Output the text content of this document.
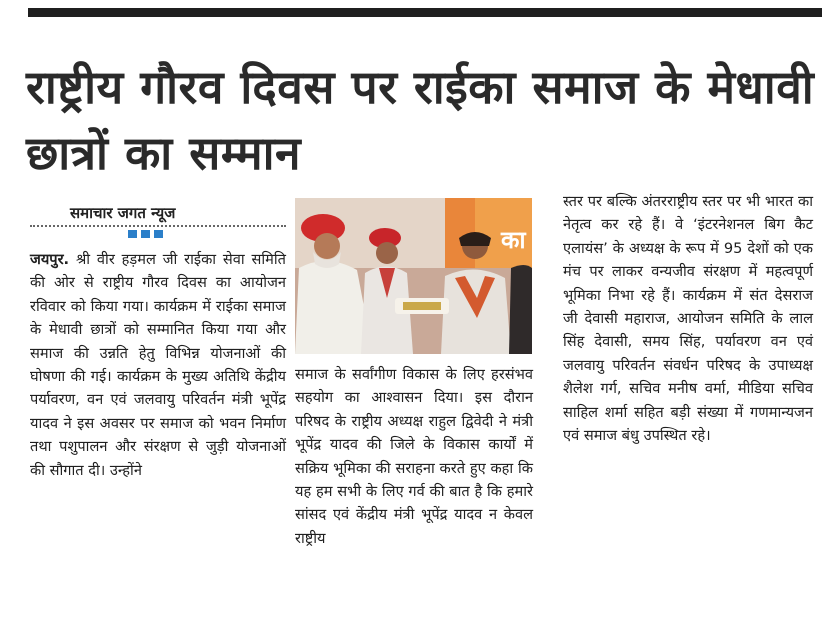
राष्ट्रीय गौरव दिवस पर राईका समाज के मेधावी छात्रों का सम्मान
समाचार जगत न्यूज

जयपुर. श्री वीर हड़मल जी राईका सेवा समिति की ओर से राष्ट्रीय गौरव दिवस का आयोजन रविवार को किया गया। कार्यक्रम में राईका समाज के मेधावी छात्रों को सम्मानित किया गया और समाज की उन्नति हेतु विभिन्न योजनाओं की घोषणा की गई। कार्यक्रम के मुख्य अतिथि केंद्रीय पर्यावरण, वन एवं जलवायु परिवर्तन मंत्री भूपेंद्र यादव ने इस अवसर पर समाज को भवन निर्माण तथा पशुपालन और संरक्षण से जुड़ी योजनाओं की सौगात दी। उन्होंने

का

समाज के सर्वांगीण विकास के लिए हरसंभव सहयोग का आश्वासन दिया। इस दौरान परिषद के राष्ट्रीय अध्यक्ष राहुल द्विवेदी ने मंत्री भूपेंद्र यादव की जिले के विकास कार्यों में सक्रिय भूमिका की सराहना करते हुए कहा कि यह हम सभी के लिए गर्व की बात है कि हमारे सांसद एवं केंद्रीय मंत्री भूपेंद्र यादव न केवल राष्ट्रीय

स्तर पर बल्कि अंतरराष्ट्रीय स्तर पर भी भारत का नेतृत्व कर रहे हैं। वे ‘इंटरनेशनल बिग कैट एलायंस’ के अध्यक्ष के रूप में 95 देशों को एक मंच पर लाकर वन्यजीव संरक्षण में महत्वपूर्ण भूमिका निभा रहे हैं। कार्यक्रम में संत देसराज जी देवासी महाराज, आयोजन समिति के लाल सिंह देवासी, समय सिंह, पर्यावरण वन एवं जलवायु परिवर्तन संवर्धन परिषद के उपाध्यक्ष शैलेश गर्ग, सचिव मनीष वर्मा, मीडिया सचिव साहिल शर्मा सहित बड़ी संख्या में गणमान्यजन एवं समाज बंधु उपस्थित रहे।
